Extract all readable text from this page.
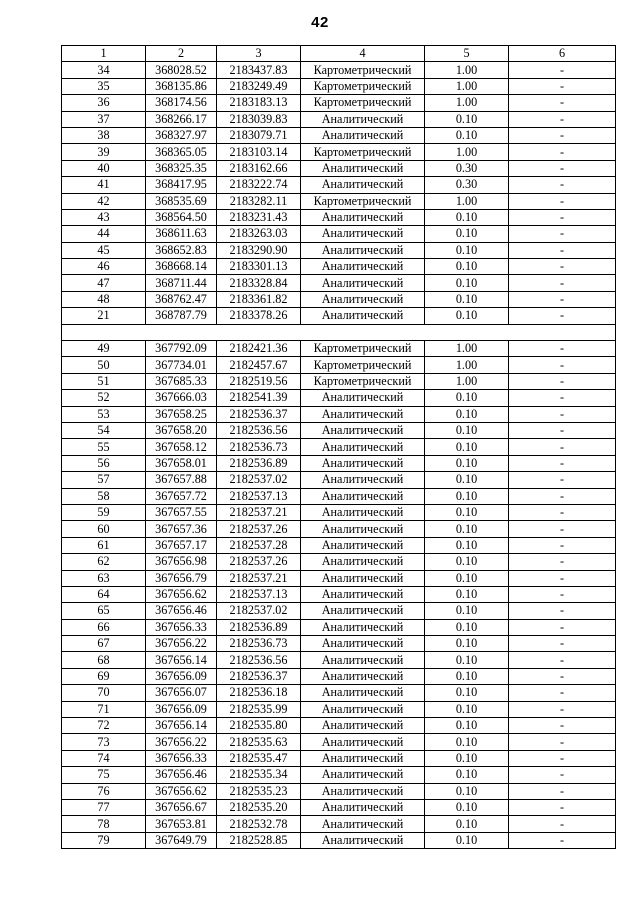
42
1	2	3	4	5	6
34	368028.52	2183437.83	Картометрический	1.00	-
35	368135.86	2183249.49	Картометрический	1.00	-
36	368174.56	2183183.13	Картометрический	1.00	-
37	368266.17	2183039.83	Аналитический	0.10	-
38	368327.97	2183079.71	Аналитический	0.10	-
39	368365.05	2183103.14	Картометрический	1.00	-
40	368325.35	2183162.66	Аналитический	0.30	-
41	368417.95	2183222.74	Аналитический	0.30	-
42	368535.69	2183282.11	Картометрический	1.00	-
43	368564.50	2183231.43	Аналитический	0.10	-
44	368611.63	2183263.03	Аналитический	0.10	-
45	368652.83	2183290.90	Аналитический	0.10	-
46	368668.14	2183301.13	Аналитический	0.10	-
47	368711.44	2183328.84	Аналитический	0.10	-
48	368762.47	2183361.82	Аналитический	0.10	-
21	368787.79	2183378.26	Аналитический	0.10	-

49	367792.09	2182421.36	Картометрический	1.00	-
50	367734.01	2182457.67	Картометрический	1.00	-
51	367685.33	2182519.56	Картометрический	1.00	-
52	367666.03	2182541.39	Аналитический	0.10	-
53	367658.25	2182536.37	Аналитический	0.10	-
54	367658.20	2182536.56	Аналитический	0.10	-
55	367658.12	2182536.73	Аналитический	0.10	-
56	367658.01	2182536.89	Аналитический	0.10	-
57	367657.88	2182537.02	Аналитический	0.10	-
58	367657.72	2182537.13	Аналитический	0.10	-
59	367657.55	2182537.21	Аналитический	0.10	-
60	367657.36	2182537.26	Аналитический	0.10	-
61	367657.17	2182537.28	Аналитический	0.10	-
62	367656.98	2182537.26	Аналитический	0.10	-
63	367656.79	2182537.21	Аналитический	0.10	-
64	367656.62	2182537.13	Аналитический	0.10	-
65	367656.46	2182537.02	Аналитический	0.10	-
66	367656.33	2182536.89	Аналитический	0.10	-
67	367656.22	2182536.73	Аналитический	0.10	-
68	367656.14	2182536.56	Аналитический	0.10	-
69	367656.09	2182536.37	Аналитический	0.10	-
70	367656.07	2182536.18	Аналитический	0.10	-
71	367656.09	2182535.99	Аналитический	0.10	-
72	367656.14	2182535.80	Аналитический	0.10	-
73	367656.22	2182535.63	Аналитический	0.10	-
74	367656.33	2182535.47	Аналитический	0.10	-
75	367656.46	2182535.34	Аналитический	0.10	-
76	367656.62	2182535.23	Аналитический	0.10	-
77	367656.67	2182535.20	Аналитический	0.10	-
78	367653.81	2182532.78	Аналитический	0.10	-
79	367649.79	2182528.85	Аналитический	0.10	-
